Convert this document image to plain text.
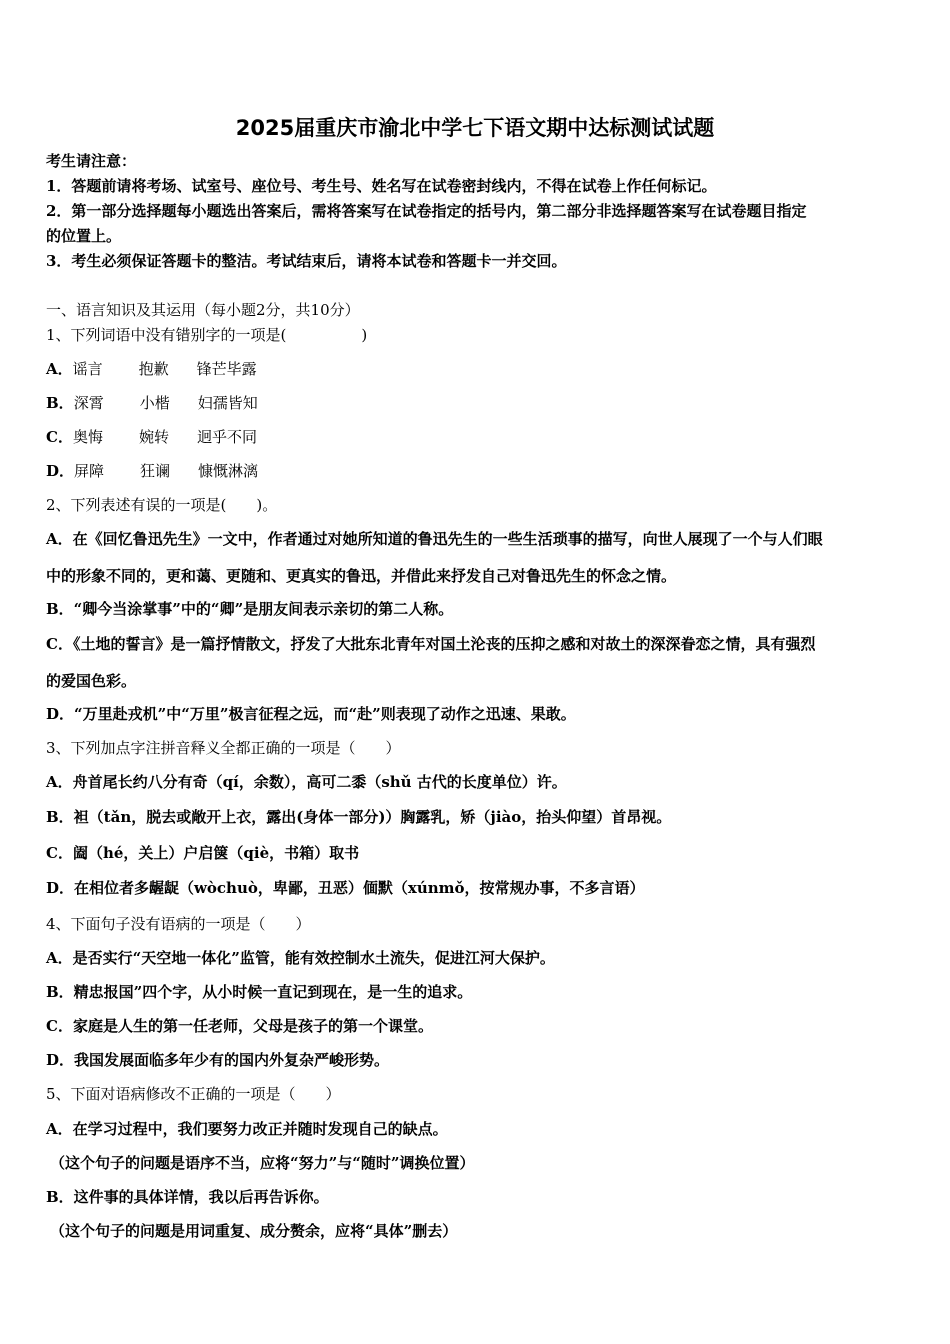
2025届重庆市渝北中学七下语文期中达标测试试题
考生请注意：
1．答题前请将考场、试室号、座位号、考生号、姓名写在试卷密封线内，不得在试卷上作任何标记。
2．第一部分选择题每小题选出答案后，需将答案写在试卷指定的括号内，第二部分非选择题答案写在试卷题目指定
的位置上。
3．考生必须保证答题卡的整洁。考试结束后，请将本试卷和答题卡一并交回。
一、语言知识及其运用（每小题2分，共10分）
1、下列词语中没有错别字的一项是(　　　　　)
A．谣言 抱歉 锋芒毕露
B．深霄 小楷 妇孺皆知
C．奥悔 婉转 迥乎不同
D．屏障 狂谰 慷慨淋漓
2、下列表述有误的一项是(　　)。
A．在《回忆鲁迅先生》一文中，作者通过对她所知道的鲁迅先生的一些生活琐事的描写，向世人展现了一个与人们眼
中的形象不同的，更和蔼、更随和、更真实的鲁迅，并借此来抒发自己对鲁迅先生的怀念之情。
B．“卿今当涂掌事”中的“卿”是朋友间表示亲切的第二人称。
C．《土地的誓言》是一篇抒情散文，抒发了大批东北青年对国土沦丧的压抑之感和对故土的深深眷恋之情，具有强烈
的爱国色彩。
D．“万里赴戎机”中“万里”极言征程之远，而“赴”则表现了动作之迅速、果敢。
3、下列加点字注拼音释义全都正确的一项是（　　）
A．舟首尾长约八分有奇（qí，余数），高可二黍（shǔ 古代的长度单位）许。
B．袒（tǎn，脱去或敞开上衣，露出(身体一部分)）胸露乳，矫（jiào，抬头仰望）首昂视。
C．阖（hé，关上）户启箧（qiè，书箱）取书
D．在相位者多龌龊（wòchuò，卑鄙，丑恶）偭默（xúnmǒ，按常规办事，不多言语）
4、下面句子没有语病的一项是（　　）
A．是否实行“天空地一体化”监管，能有效控制水土流失，促进江河大保护。
B．精忠报国”四个字，从小时候一直记到现在，是一生的追求。
C．家庭是人生的第一任老师，父母是孩子的第一个课堂。
D．我国发展面临多年少有的国内外复杂严峻形势。
5、下面对语病修改不正确的一项是（　　）
A．在学习过程中，我们要努力改正并随时发现自己的缺点。
（这个句子的问题是语序不当，应将“努力”与“随时”调换位置）
B．这件事的具体详情，我以后再告诉你。
（这个句子的问题是用词重复、成分赘余，应将“具体”删去）
